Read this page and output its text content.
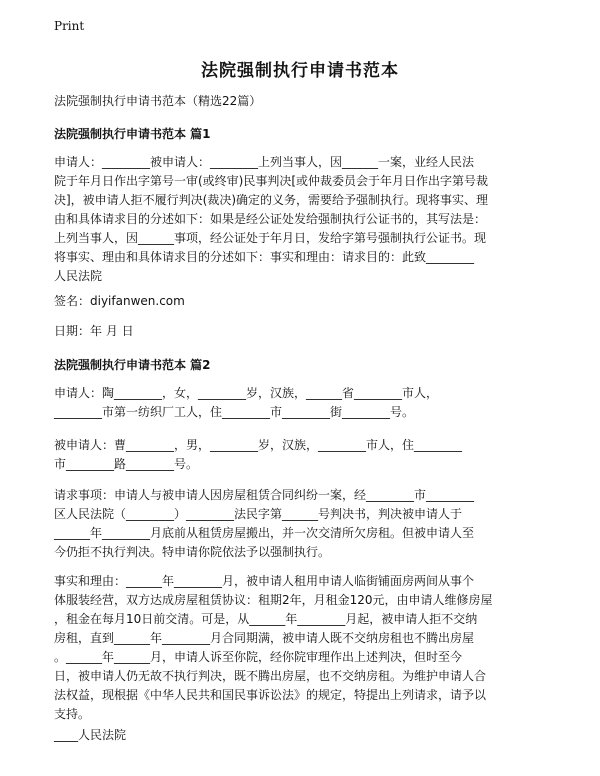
Print
法院强制执行申请书范本
法院强制执行申请书范本（精选22篇）
法院强制执行申请书范本 篇1
申请人：________被申请人：________上列当事人，因______一案，业经人民法
院于年月日作出字第号一审(或终审)民事判决[或仲裁委员会于年月日作出字第号裁
决]，被申请人拒不履行判决(裁决)确定的义务，需要给予强制执行。现将事实、理
由和具体请求目的分述如下：如果是经公证处发给强制执行公证书的，其写法是：
上列当事人，因______事项，经公证处于年月日，发给字第号强制执行公证书。现
将事实、理由和具体请求目的分述如下：事实和理由：请求目的：此致________
人民法院
签名：diyifanwen.com
日期：年 月 日
法院强制执行申请书范本 篇2
申请人：陶________，女，________岁，汉族，______省________市人，
________市第一纺织厂工人，住________市________街________号。
被申请人：曹________，男，________岁，汉族，________市人，住________
市________路________号。
请求事项：申请人与被申请人因房屋租赁合同纠纷一案，经________市________
区人民法院（________）________法民字第______号判决书，判决被申请人于
______年________月底前从租赁房屋搬出，并一次交清所欠房租。但被申请人至
今仍拒不执行判决。特申请你院依法予以强制执行。
事实和理由：______年________月，被申请人租用申请人临街铺面房两间从事个
体服装经营，双方达成房屋租赁协议：租期2年，月租金120元，由申请人维修房屋
，租金在每月10日前交清。可是，从______年________月起，被申请人拒不交纳
房租，直到______年________月合同期满，被申请人既不交纳房租也不腾出房屋
。______年______月，申请人诉至你院，经你院审理作出上述判决，但时至今
日，被申请人仍无故不执行判决，既不腾出房屋，也不交纳房租。为维护申请人合
法权益，现根据《中华人民共和国民事诉讼法》的规定，特提出上列请求，请予以
支持。
____人民法院
